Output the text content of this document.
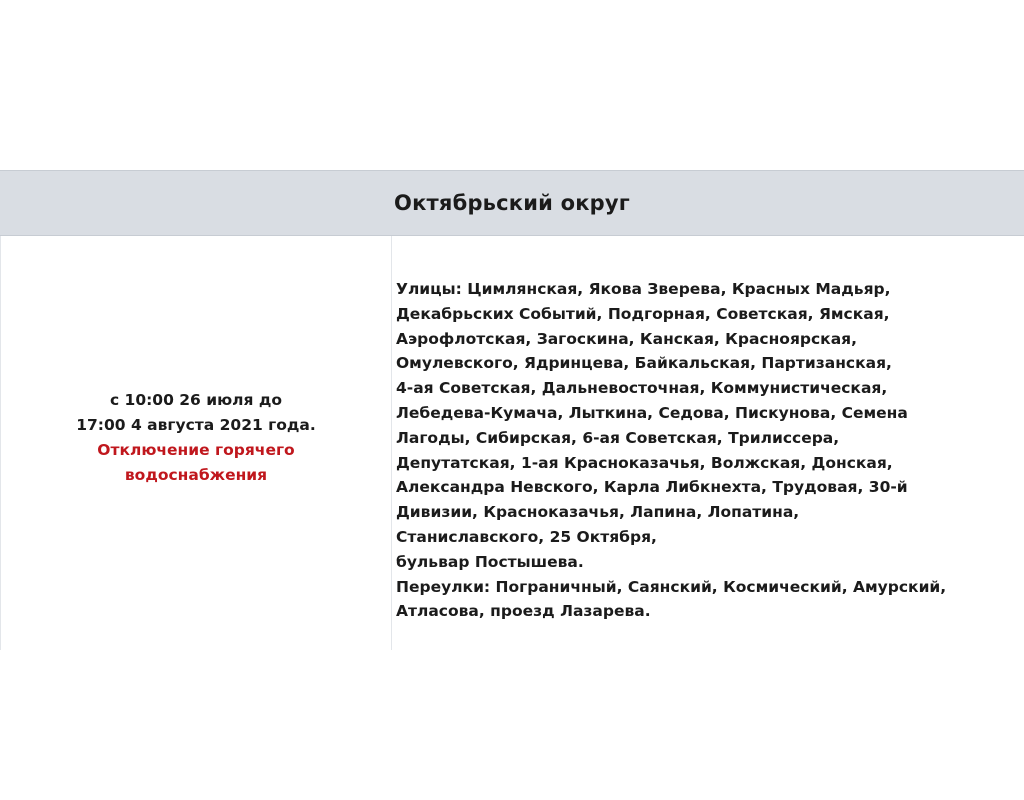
Октябрьский округ
с 10:00 26 июля до
17:00 4 августа 2021 года.
Отключение горячего
водоснабжения
Улицы: Цимлянская, Якова Зверева, Красных Мадьяр,
Декабрьских Событий, Подгорная, Советская, Ямская,
Аэрофлотская, Загоскина, Канская, Красноярская,
Омулевского, Ядринцева, Байкальская, Партизанская,
4-ая Советская, Дальневосточная, Коммунистическая,
Лебедева-Кумача, Лыткина, Седова, Пискунова, Семена
Лагоды, Сибирская, 6-ая Советская, Трилиссера,
Депутатская, 1-ая Красноказачья, Волжская, Донская,
Александра Невского, Карла Либкнехта, Трудовая, 30-й
Дивизии, Красноказачья, Лапина, Лопатина,
Станиславского, 25 Октября,
бульвар Постышева.
Переулки: Пограничный, Саянский, Космический, Амурский,
Атласова, проезд Лазарева.
